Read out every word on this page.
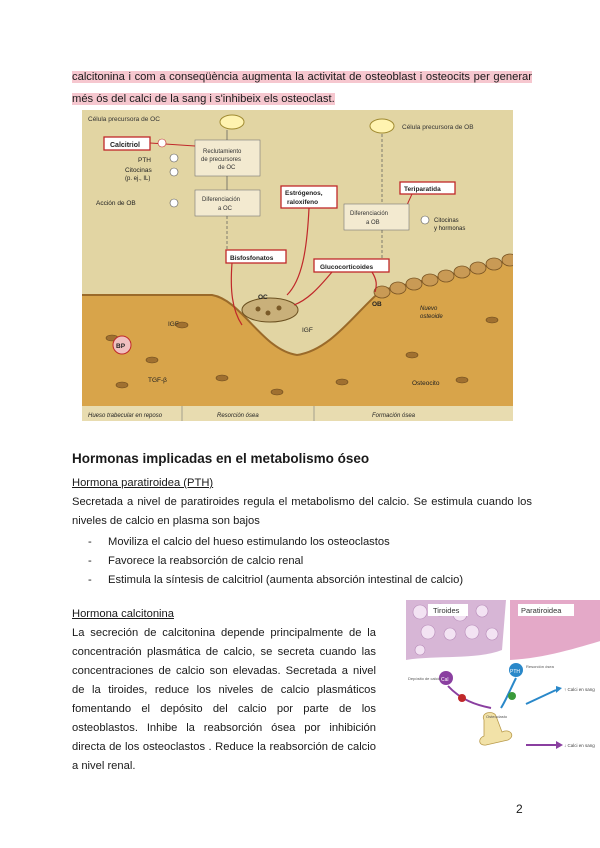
calcitonina i com a conseqüència augmenta la activitat de osteoblast i osteocits per generar més ós del calci de la sang i s'inhibeix els osteoclast.
Célula precursora de OC
Célula precursora de OB
Reclutamiento
de precursores
de OC
Diferenciación
a OC
Calcitriol
PTH
Citocinas
(p. ej., IL)
Acción de OB
Estrógenos,
raloxifeno
Teriparatida
Diferenciación
a OB	Citocinas
y hormonas
Bisfosfonatos
Glucocorticoides
OC
OB
Nuevo
osteoide
IGF
IGF
BP
TGF-β	Osteocito
Hueso trabecular en reposo	Resorción ósea	Formación ósea
Hormonas implicadas en el metabolismo óseo
Hormona paratiroidea (PTH)

Secretada a nivel de paratiroides regula el metabolismo del calcio. Se estimula cuando los niveles de calcio en plasma son bajos

- Moviliza el calcio del hueso estimulando los osteoclastos
- Favorece la reabsorción de calcio renal
- Estimula la síntesis de calcitriol (aumenta absorción intestinal de calcio)
Hormona calcitonina

La secreción de calcitonina depende principalmente de la concentración plasmática de calcio, se secreta cuando las concentraciones de calcio son elevadas. Secretada a nivel de la tiroides, reduce los niveles de calcio plasmáticos fomentando el depósito del calcio por parte de los osteoblastos. Inhibe la reabsorción ósea por inhibición directa de los osteoclastos . Reduce la reabsorción de calcio a nivel renal.

Tiroides	Paratiroidea
Cal
PTH
Depósito de calcio
Resorción ósea
Osteoclasto
↑ Calci en sang
↓ Calci en sang
2
